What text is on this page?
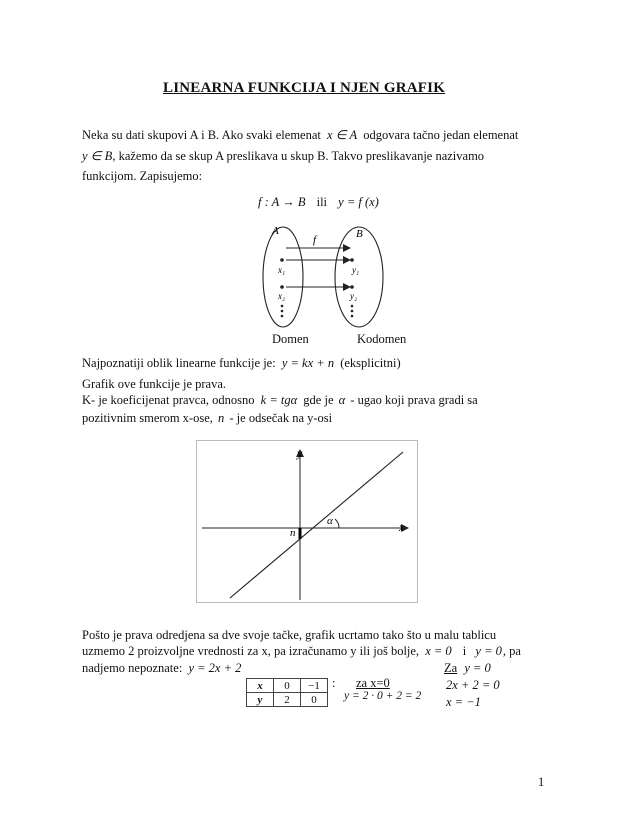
LINEARNA FUNKCIJA I NJEN GRAFIK
Neka su dati skupovi A i B. Ako svaki elemenat x ∈ A odgovara tačno jedan elemenat
y ∈ B, kažemo da se skup A preslikava u skup B. Takvo preslikavanje nazivamo
funkcijom. Zapisujemo:
f : A → B ili y = f (x)
A	B
f
x₁	y₁
x₂	y₂
Domen	Kodomen
Najpoznatiji oblik linearne funkcije je: y = kx + n (eksplicitni)
Grafik ove funkcije je prava.
K- je koeficijenat pravca, odnosno k = tgα gde je α - ugao koji prava gradi sa
pozitivnim smerom x-ose, n - je odsečak na y-osi
x
y
n
α
Pošto je prava odredjena sa dve svoje tačke, grafik ucrtamo tako što u malu tablicu
uzmemo 2 proizvoljne vrednosti za x, pa izračunamo y ili još bolje, x = 0 i y = 0, pa
nadjemo nepoznate: y = 2x + 2	Za y = 0
2x + 2 = 0
x = −1
x	0	−1
y	2	0
: za x=0
y = 2 · 0 + 2 = 2
1
